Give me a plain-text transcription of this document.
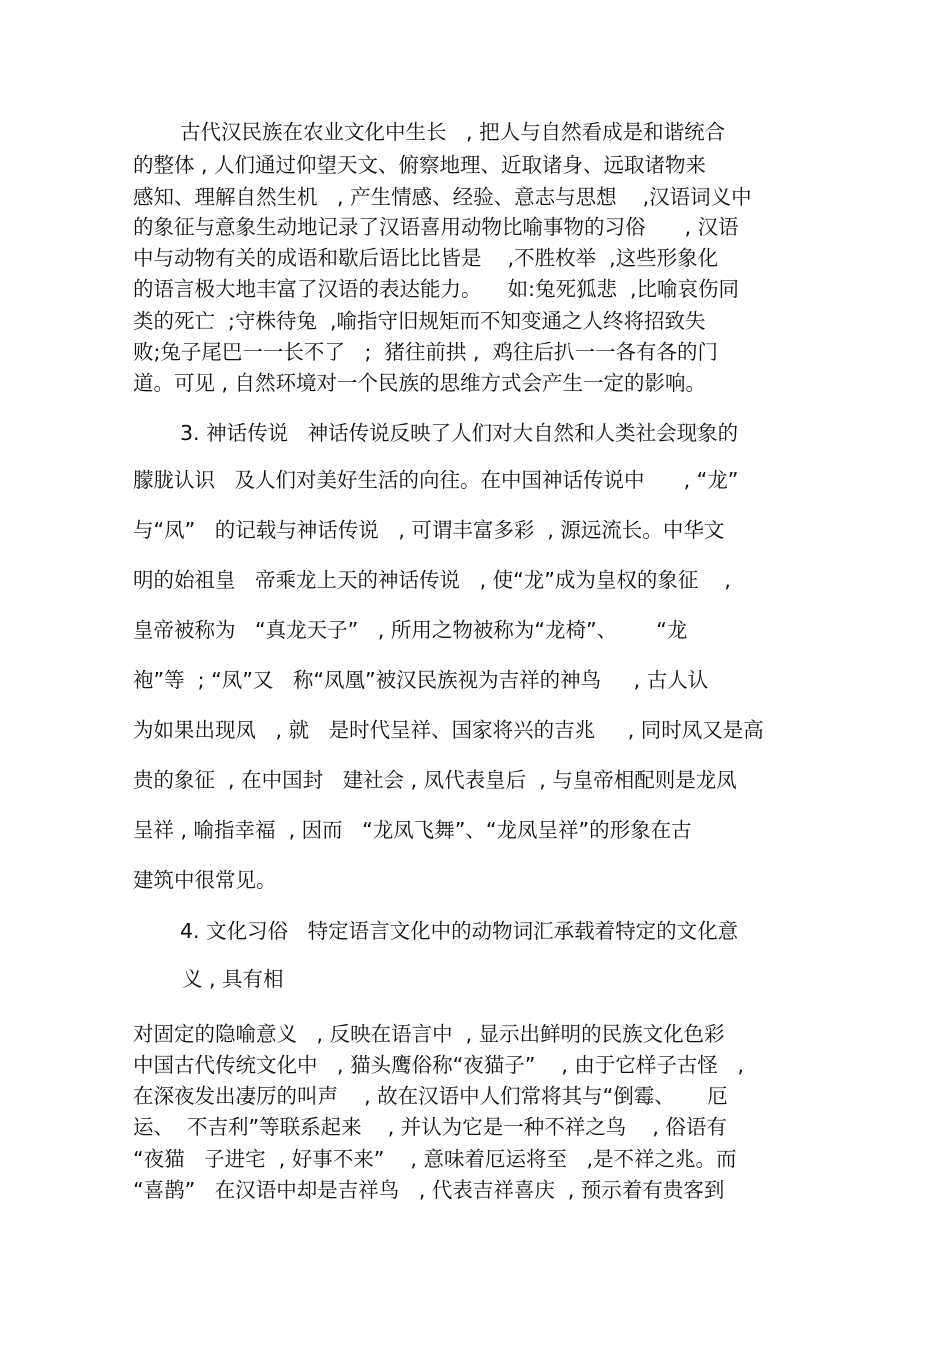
古代汉民族在农业文化中生长   , 把人与自然看成是和谐统合
的整体 , 人们通过仰望天文、俯察地理、近取诸身、远取诸物来
感知、理解自然生机   , 产生情感、经验、意志与思想    ,汉语词义中
的象征与意象生动地记录了汉语喜用动物比喻事物的习俗      , 汉语
中与动物有关的成语和歇后语比比皆是    ,不胜枚举  ,这些形象化
的语言极大地丰富了汉语的表达能力。    如:兔死狐悲  ,比喻哀伤同
类的死亡  ;守株待兔  ,喻指守旧规矩而不知变通之人终将招致失
败;兔子尾巴一一长不了   ;  猪往前拱 ,  鸡往后扒一一各有各的门
道。可见 , 自然环境对一个民族的思维方式会产生一定的影响。
3. 神话传说   神话传说反映了人们对大自然和人类社会现象的
朦胧认识   及人们对美好生活的向往。在中国神话传说中      , “龙”
与“凤”   的记载与神话传说   , 可谓丰富多彩  , 源远流长。中华文
明的始祖皇   帝乘龙上天的神话传说   , 使“龙”成为皇权的象征    ,
皇帝被称为   “真龙天子”   , 所用之物被称为“龙椅”、      “龙
袍”等  ; “凤”又   称“凤凰”被汉民族视为吉祥的神鸟     , 古人认
为如果出现凤   , 就   是时代呈祥、国家将兴的吉兆     , 同时凤又是高
贵的象征  , 在中国封   建社会 , 凤代表皇后  , 与皇帝相配则是龙凤
呈祥 , 喻指幸福  , 因而   “龙凤飞舞”、“龙凤呈祥”的形象在古
建筑中很常见。
4. 文化习俗   特定语言文化中的动物词汇承载着特定的文化意
义 , 具有相
对固定的隐喻意义   , 反映在语言中  , 显示出鲜明的民族文化色彩
中国古代传统文化中   , 猫头鹰俗称“夜猫子”    , 由于它样子古怪   ,
在深夜发出凄厉的叫声    , 故在汉语中人们常将其与“倒霉、     厄
运、  不吉利”等联系起来    , 并认为它是一种不祥之鸟    , 俗语有
“夜猫   子进宅  , 好事不来”    , 意味着厄运将至   ,是不祥之兆。而
“喜鹊”   在汉语中却是吉祥鸟   , 代表吉祥喜庆  , 预示着有贵客到
